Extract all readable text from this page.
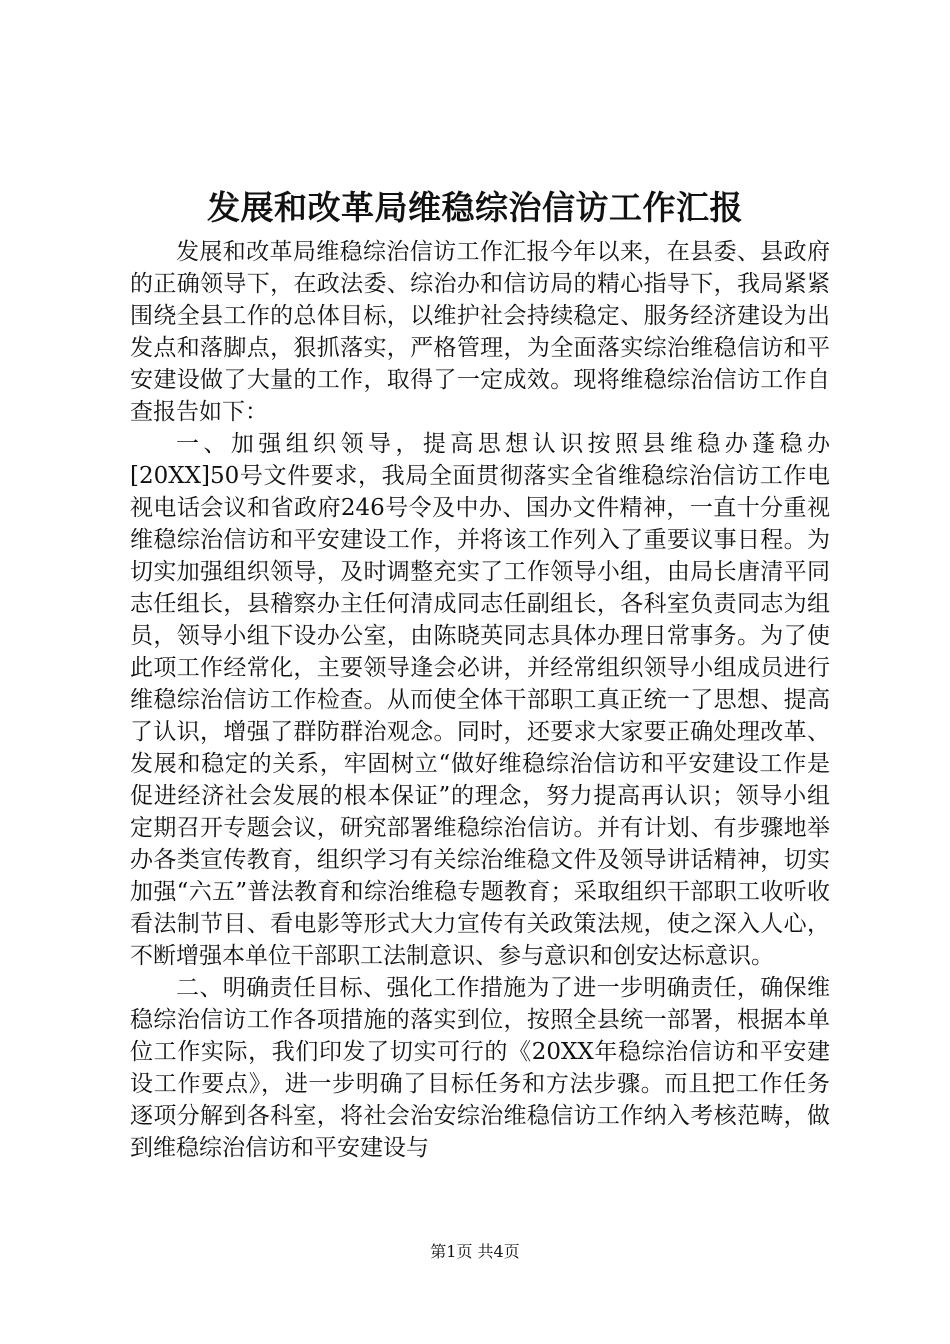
发展和改革局维稳综治信访工作汇报

发展和改革局维稳综治信访工作汇报今年以来，在县委、县政府的正确领导下，在政法委、综治办和信访局的精心指导下，我局紧紧围绕全县工作的总体目标，以维护社会持续稳定、服务经济建设为出发点和落脚点，狠抓落实，严格管理，为全面落实综治维稳信访和平安建设做了大量的工作，取得了一定成效。现将维稳综治信访工作自查报告如下：

一、加强组织领导，提高思想认识按照县维稳办蓬稳办[20XX]50号文件要求，我局全面贯彻落实全省维稳综治信访工作电视电话会议和省政府246号令及中办、国办文件精神，一直十分重视维稳综治信访和平安建设工作，并将该工作列入了重要议事日程。为切实加强组织领导，及时调整充实了工作领导小组，由局长唐清平同志任组长，县稽察办主任何清成同志任副组长，各科室负责同志为组员，领导小组下设办公室，由陈晓英同志具体办理日常事务。为了使此项工作经常化，主要领导逢会必讲，并经常组织领导小组成员进行维稳综治信访工作检查。从而使全体干部职工真正统一了思想、提高了认识，增强了群防群治观念。同时，还要求大家要正确处理改革、发展和稳定的关系，牢固树立“做好维稳综治信访和平安建设工作是促进经济社会发展的根本保证”的理念，努力提高再认识；领导小组定期召开专题会议，研究部署维稳综治信访。并有计划、有步骤地举办各类宣传教育，组织学习有关综治维稳文件及领导讲话精神，切实加强“六五”普法教育和综治维稳专题教育；采取组织干部职工收听收看法制节目、看电影等形式大力宣传有关政策法规，使之深入人心，不断增强本单位干部职工法制意识、参与意识和创安达标意识。

二、明确责任目标、强化工作措施为了进一步明确责任，确保维稳综治信访工作各项措施的落实到位，按照全县统一部署，根据本单位工作实际，我们印发了切实可行的《20XX年稳综治信访和平安建设工作要点》，进一步明确了目标任务和方法步骤。而且把工作任务逐项分解到各科室，将社会治安综治维稳信访工作纳入考核范畴，做到维稳综治信访和平安建设与

第1页 共4页
